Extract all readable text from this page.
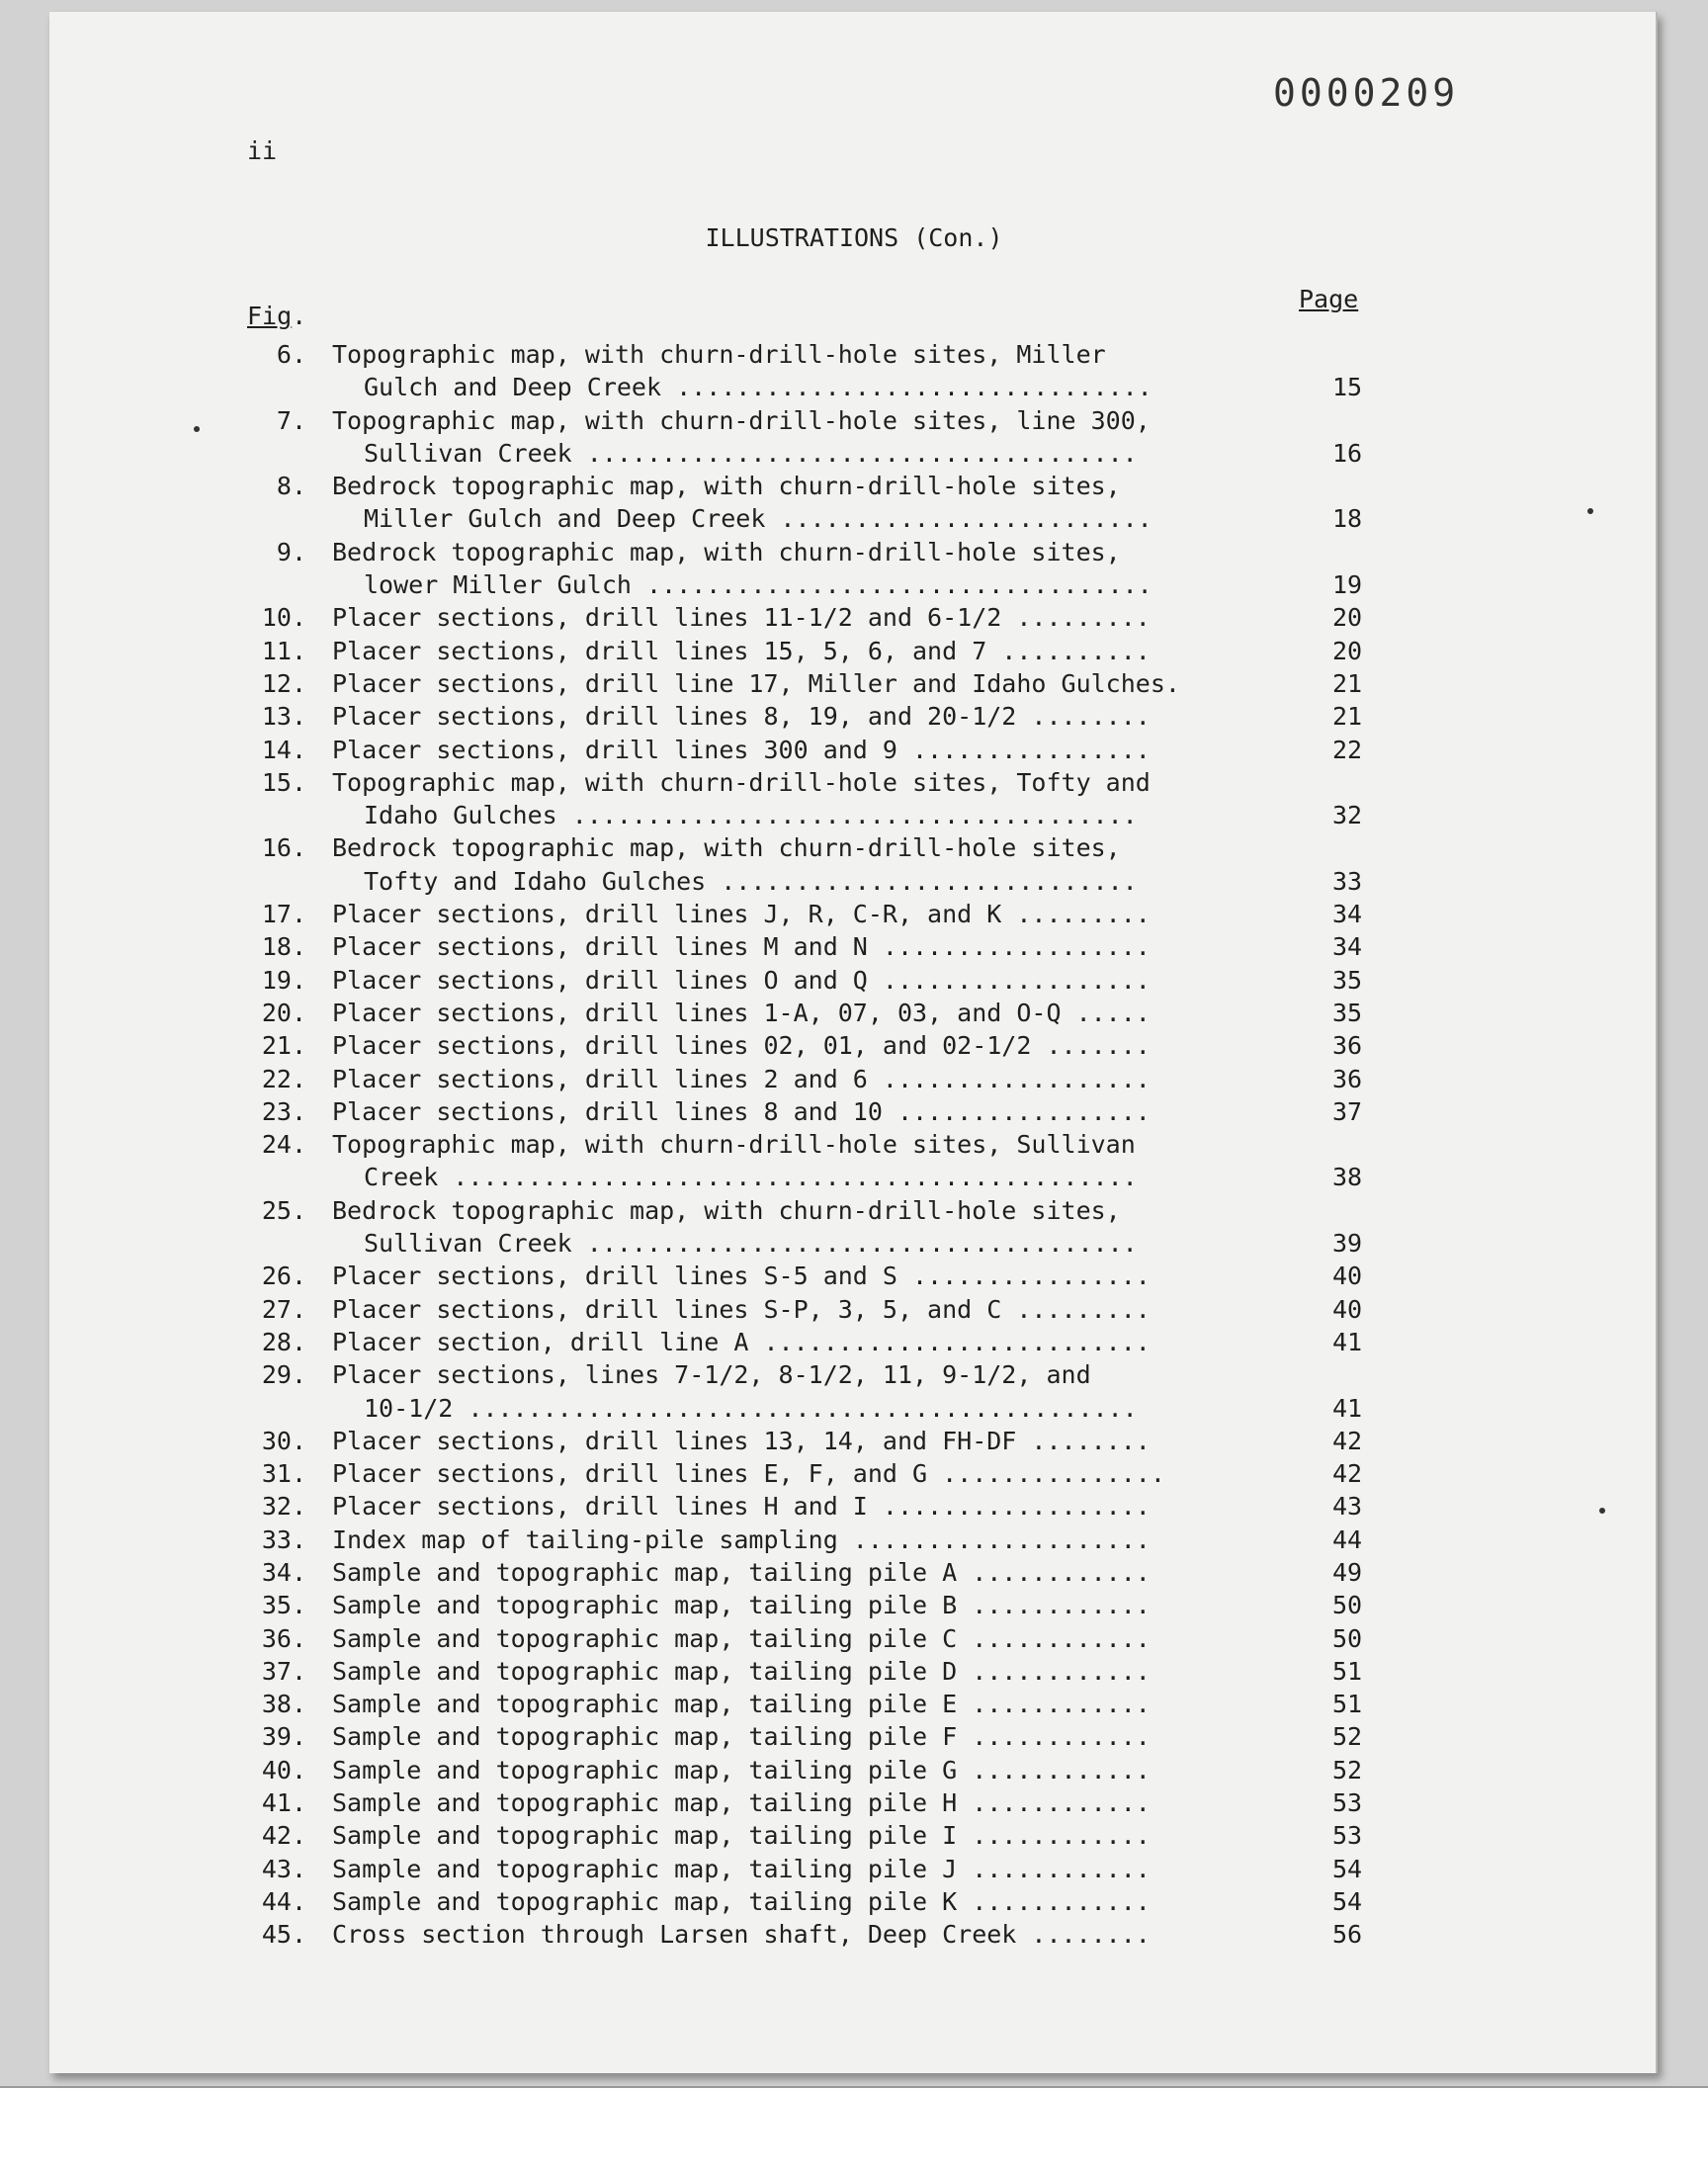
0000209
ii
ILLUSTRATIONS (Con.)
Fig.
Page
6. Topographic map, with churn-drill-hole sites, Miller
Gulch and Deep Creek ................................	15
7. Topographic map, with churn-drill-hole sites, line 300,
Sullivan Creek .....................................	16
8. Bedrock topographic map, with churn-drill-hole sites,
Miller Gulch and Deep Creek .........................	18
9. Bedrock topographic map, with churn-drill-hole sites,
lower Miller Gulch ..................................	19
10. Placer sections, drill lines 11-1/2 and 6-1/2 .........	20
11. Placer sections, drill lines 15, 5, 6, and 7 ..........	20
12. Placer sections, drill line 17, Miller and Idaho Gulches.	21
13. Placer sections, drill lines 8, 19, and 20-1/2 ........	21
14. Placer sections, drill lines 300 and 9 ................	22
15. Topographic map, with churn-drill-hole sites, Tofty and
Idaho Gulches ......................................	32
16. Bedrock topographic map, with churn-drill-hole sites,
Tofty and Idaho Gulches ............................	33
17. Placer sections, drill lines J, R, C-R, and K .........	34
18. Placer sections, drill lines M and N ..................	34
19. Placer sections, drill lines O and Q ..................	35
20. Placer sections, drill lines 1-A, 07, 03, and O-Q .....	35
21. Placer sections, drill lines 02, 01, and 02-1/2 .......	36
22. Placer sections, drill lines 2 and 6 ..................	36
23. Placer sections, drill lines 8 and 10 .................	37
24. Topographic map, with churn-drill-hole sites, Sullivan
Creek ..............................................	38
25. Bedrock topographic map, with churn-drill-hole sites,
Sullivan Creek .....................................	39
26. Placer sections, drill lines S-5 and S ................	40
27. Placer sections, drill lines S-P, 3, 5, and C .........	40
28. Placer section, drill line A ..........................	41
29. Placer sections, lines 7-1/2, 8-1/2, 11, 9-1/2, and
10-1/2 .............................................	41
30. Placer sections, drill lines 13, 14, and FH-DF ........	42
31. Placer sections, drill lines E, F, and G ...............	42
32. Placer sections, drill lines H and I ..................	43
33. Index map of tailing-pile sampling ....................	44
34. Sample and topographic map, tailing pile A ............	49
35. Sample and topographic map, tailing pile B ............	50
36. Sample and topographic map, tailing pile C ............	50
37. Sample and topographic map, tailing pile D ............	51
38. Sample and topographic map, tailing pile E ............	51
39. Sample and topographic map, tailing pile F ............	52
40. Sample and topographic map, tailing pile G ............	52
41. Sample and topographic map, tailing pile H ............	53
42. Sample and topographic map, tailing pile I ............	53
43. Sample and topographic map, tailing pile J ............	54
44. Sample and topographic map, tailing pile K ............	54
45. Cross section through Larsen shaft, Deep Creek ........	56
